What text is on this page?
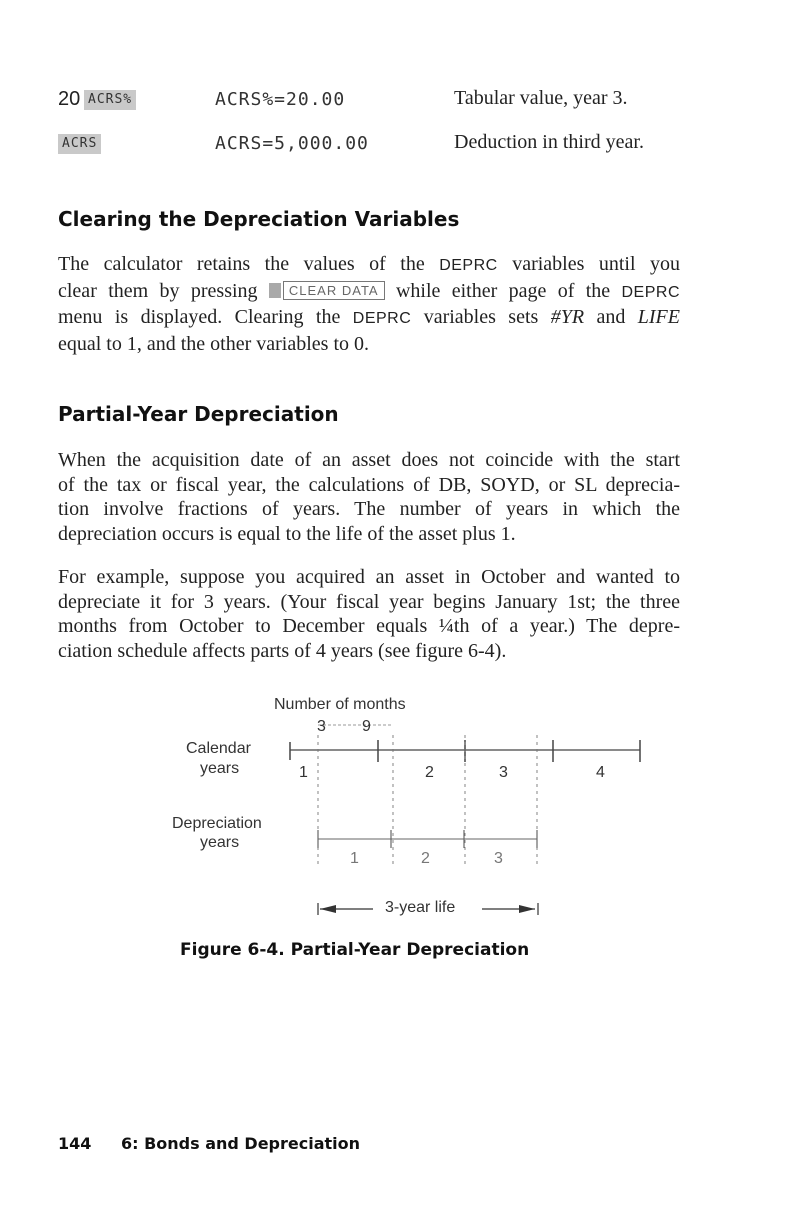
20 ACRS%	ACRS%=20.00	Tabular value, year 3.
ACRS	ACRS=5,000.00	Deduction in third year.
Clearing the Depreciation Variables
The calculator retains the values of the DEPRC variables until you
clear them by pressing CLEAR DATA while either page of the DEPRC
menu is displayed. Clearing the DEPRC variables sets #YR and LIFE
equal to 1, and the other variables to 0.
Partial-Year Depreciation
When the acquisition date of an asset does not coincide with the start
of the tax or fiscal year, the calculations of DB, SOYD, or SL deprecia-
tion involve fractions of years. The number of years in which the
depreciation occurs is equal to the life of the asset plus 1.
For example, suppose you acquired an asset in October and wanted to
depreciate it for 3 years. (Your fiscal year begins January 1st; the three
months from October to December equals ¼th of a year.) The depre-
ciation schedule affects parts of 4 years (see figure 6-4).
Number of months
3 9
Calendar
years	1	2	3	4
Depreciation
years
1	2	3
3-year life
Figure 6-4. Partial-Year Depreciation
144 6: Bonds and Depreciation
